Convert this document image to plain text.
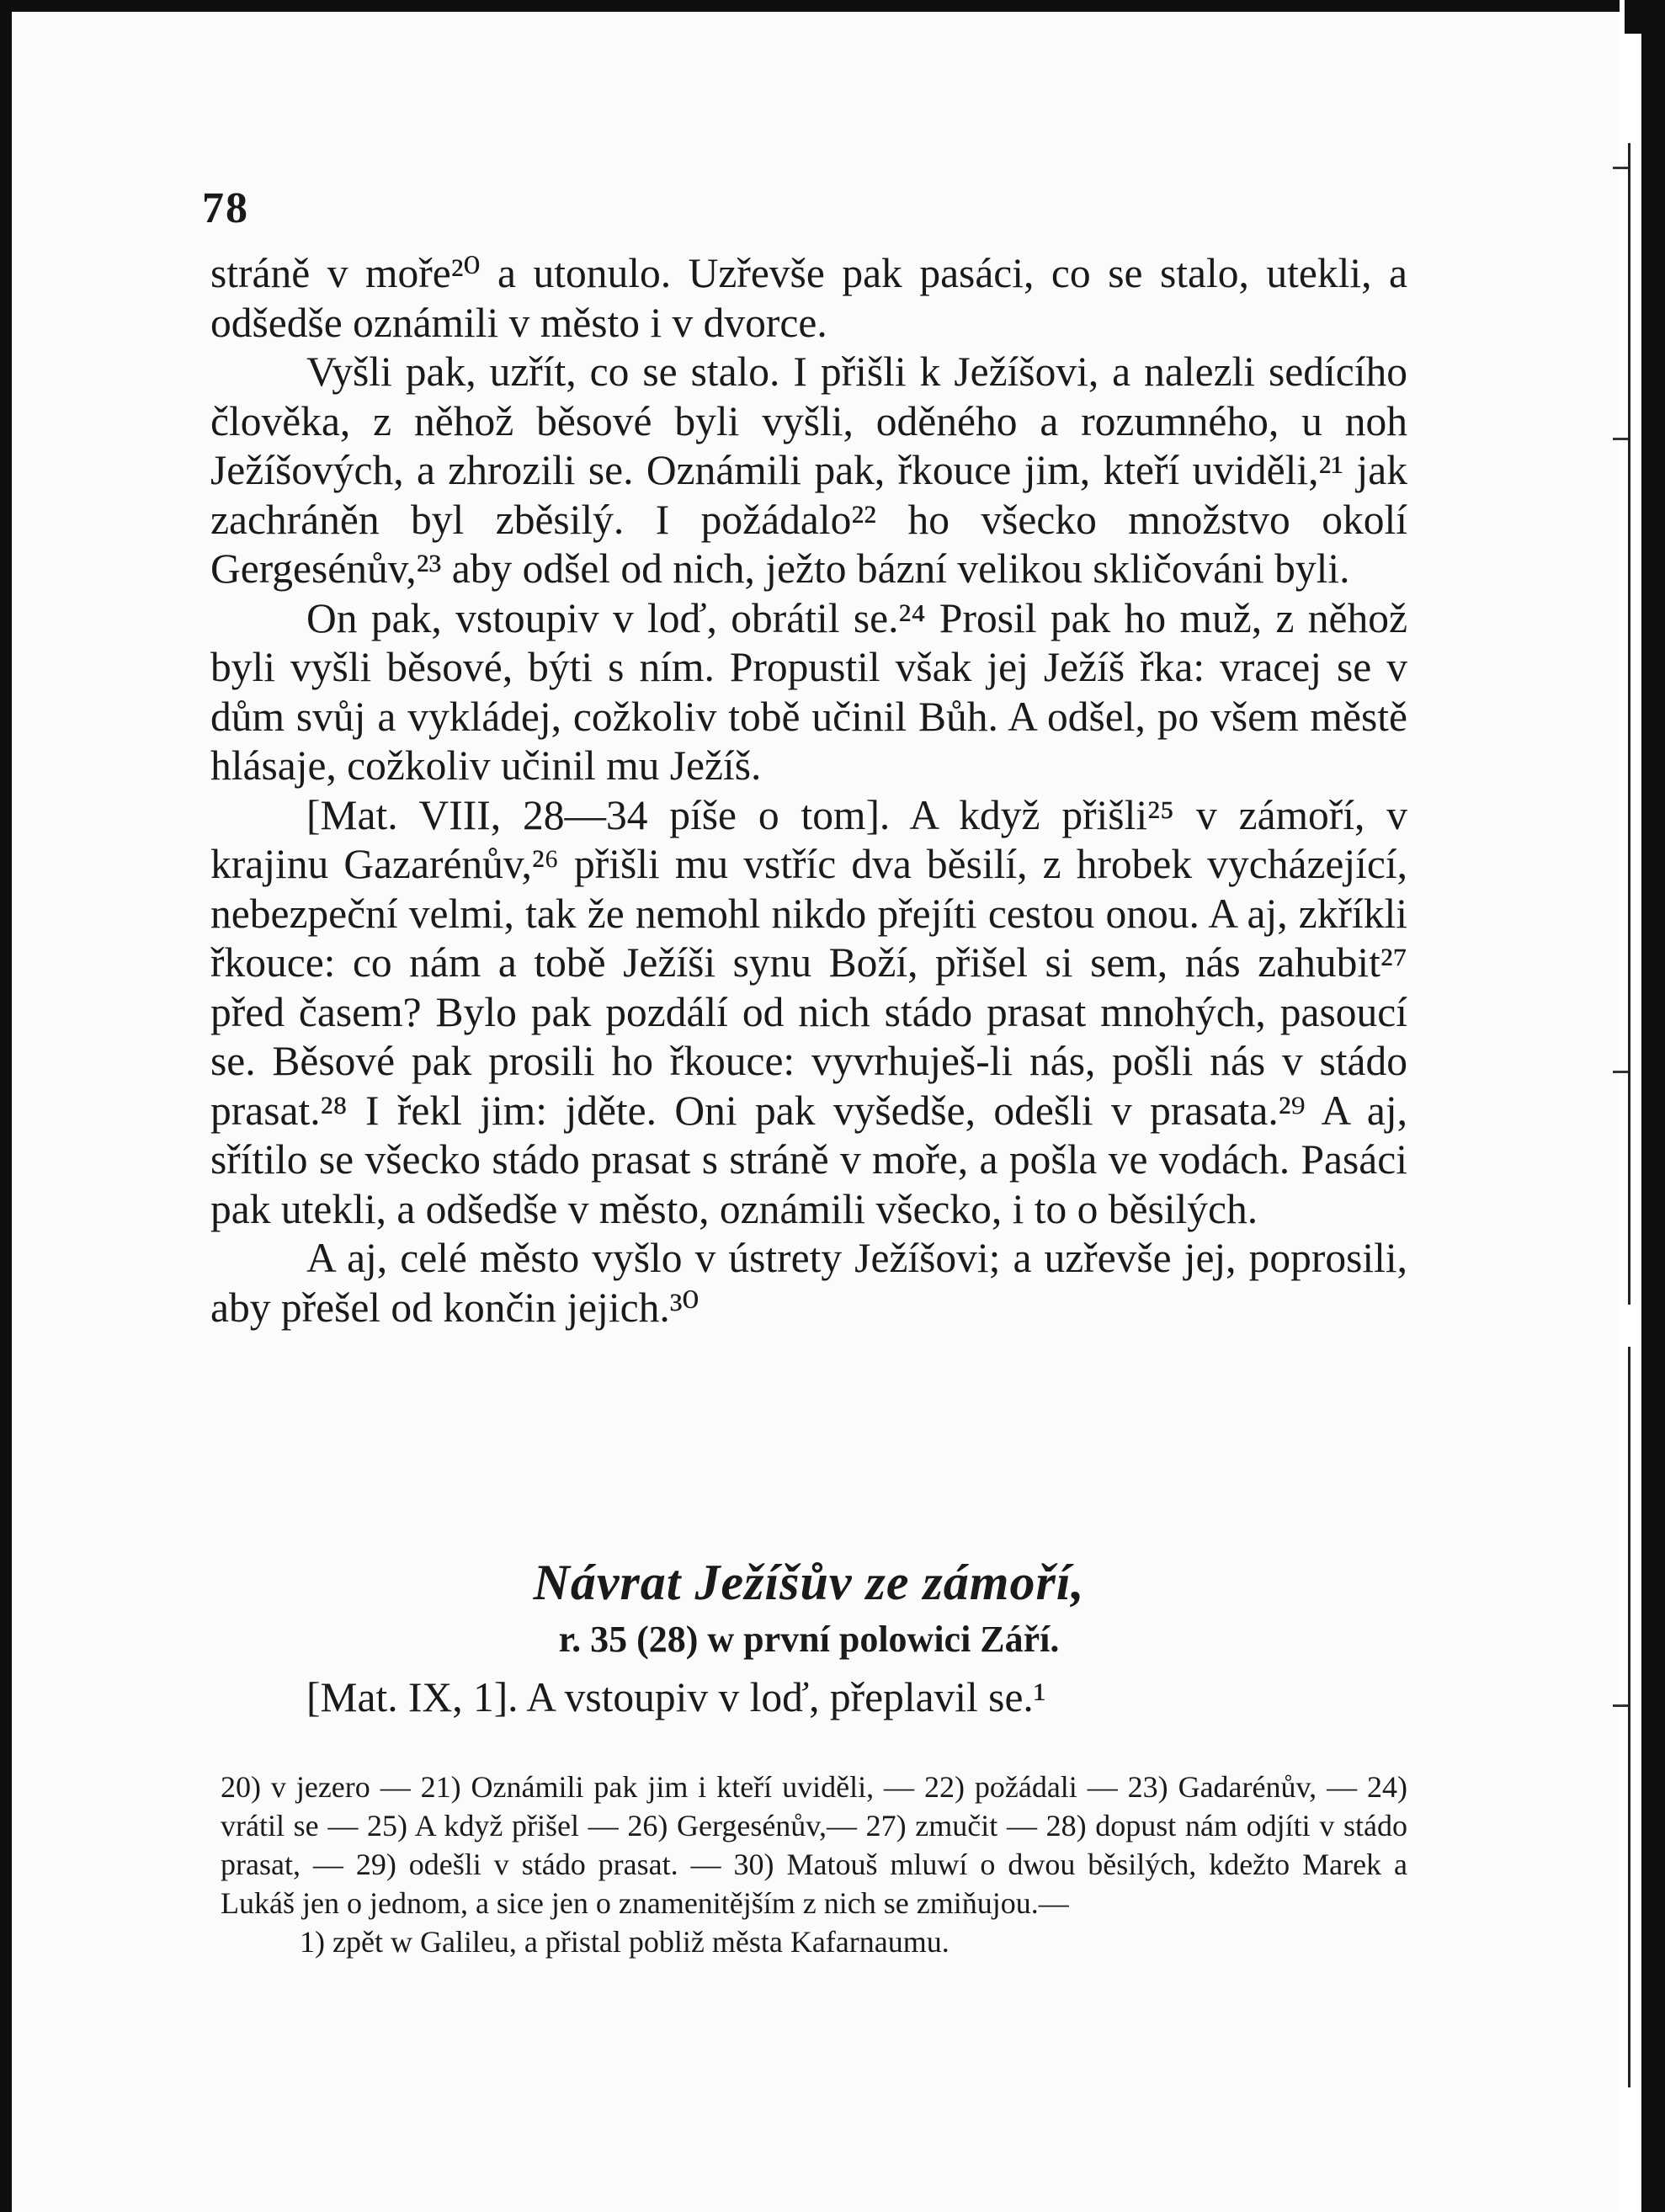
78

stráně v moře²⁰ a utonulo. Uzřevše pak pasáci, co se stalo, utekli, a odšedše oznámili v město i v dvorce.

Vyšli pak, uzřít, co se stalo. I přišli k Ježíšovi, a nalezli sedícího člověka, z něhož běsové byli vyšli, oděného a rozumného, u noh Ježíšových, a zhrozili se. Oznámili pak, řkouce jim, kteří uviděli,²¹ jak zachráněn byl zběsilý. I požádalo²² ho všecko množstvo okolí Gergesénův,²³ aby odšel od nich, ježto bázní velikou skličováni byli.

On pak, vstoupiv v loď, obrátil se.²⁴ Prosil pak ho muž, z něhož byli vyšli běsové, býti s ním. Propustil však jej Ježíš řka: vracej se v dům svůj a vykládej, cožkoliv tobě učinil Bůh. A odšel, po všem městě hlásaje, cožkoliv učinil mu Ježíš.

[Mat. VIII, 28—34 píše o tom]. A když přišli²⁵ v zámoří, v krajinu Gazarénův,²⁶ přišli mu vstříc dva běsilí, z hrobek vycházející, nebezpeční velmi, tak že nemohl nikdo přejíti cestou onou. A aj, zkříkli řkouce: co nám a tobě Ježíši synu Boží, přišel si sem, nás zahubit²⁷ před časem? Bylo pak pozdálí od nich stádo prasat mnohých, pasoucí se. Běsové pak prosili ho řkouce: vyvrhuješ-li nás, pošli nás v stádo prasat.²⁸ I řekl jim: jděte. Oni pak vyšedše, odešli v prasata.²⁹ A aj, sřítilo se všecko stádo prasat s stráně v moře, a pošla ve vodách. Pasáci pak utekli, a odšedše v město, oznámili všecko, i to o běsilých.

A aj, celé město vyšlo v ústrety Ježíšovi; a uzřevše jej, poprosili, aby přešel od končin jejich.³⁰

Návrat Ježíšův ze zámoří,
r. 35 (28) w první polowici Září.
[Mat. IX, 1]. A vstoupiv v loď, přeplavil se.¹

20) v jezero — 21) Oznámili pak jim i kteří uviděli, — 22) požádali — 23) Gadarénův, — 24) vrátil se — 25) A když přišel — 26) Gergesénův,— 27) zmučit — 28) dopust nám odjíti v stádo prasat, — 29) odešli v stádo prasat. — 30) Matouš mluwí o dwou běsilých, kdežto Marek a Lukáš jen o jednom, a sice jen o znamenitějším z nich se zmiňujou.—

1) zpět w Galileu, a přistal pobliž města Kafarnaumu.
